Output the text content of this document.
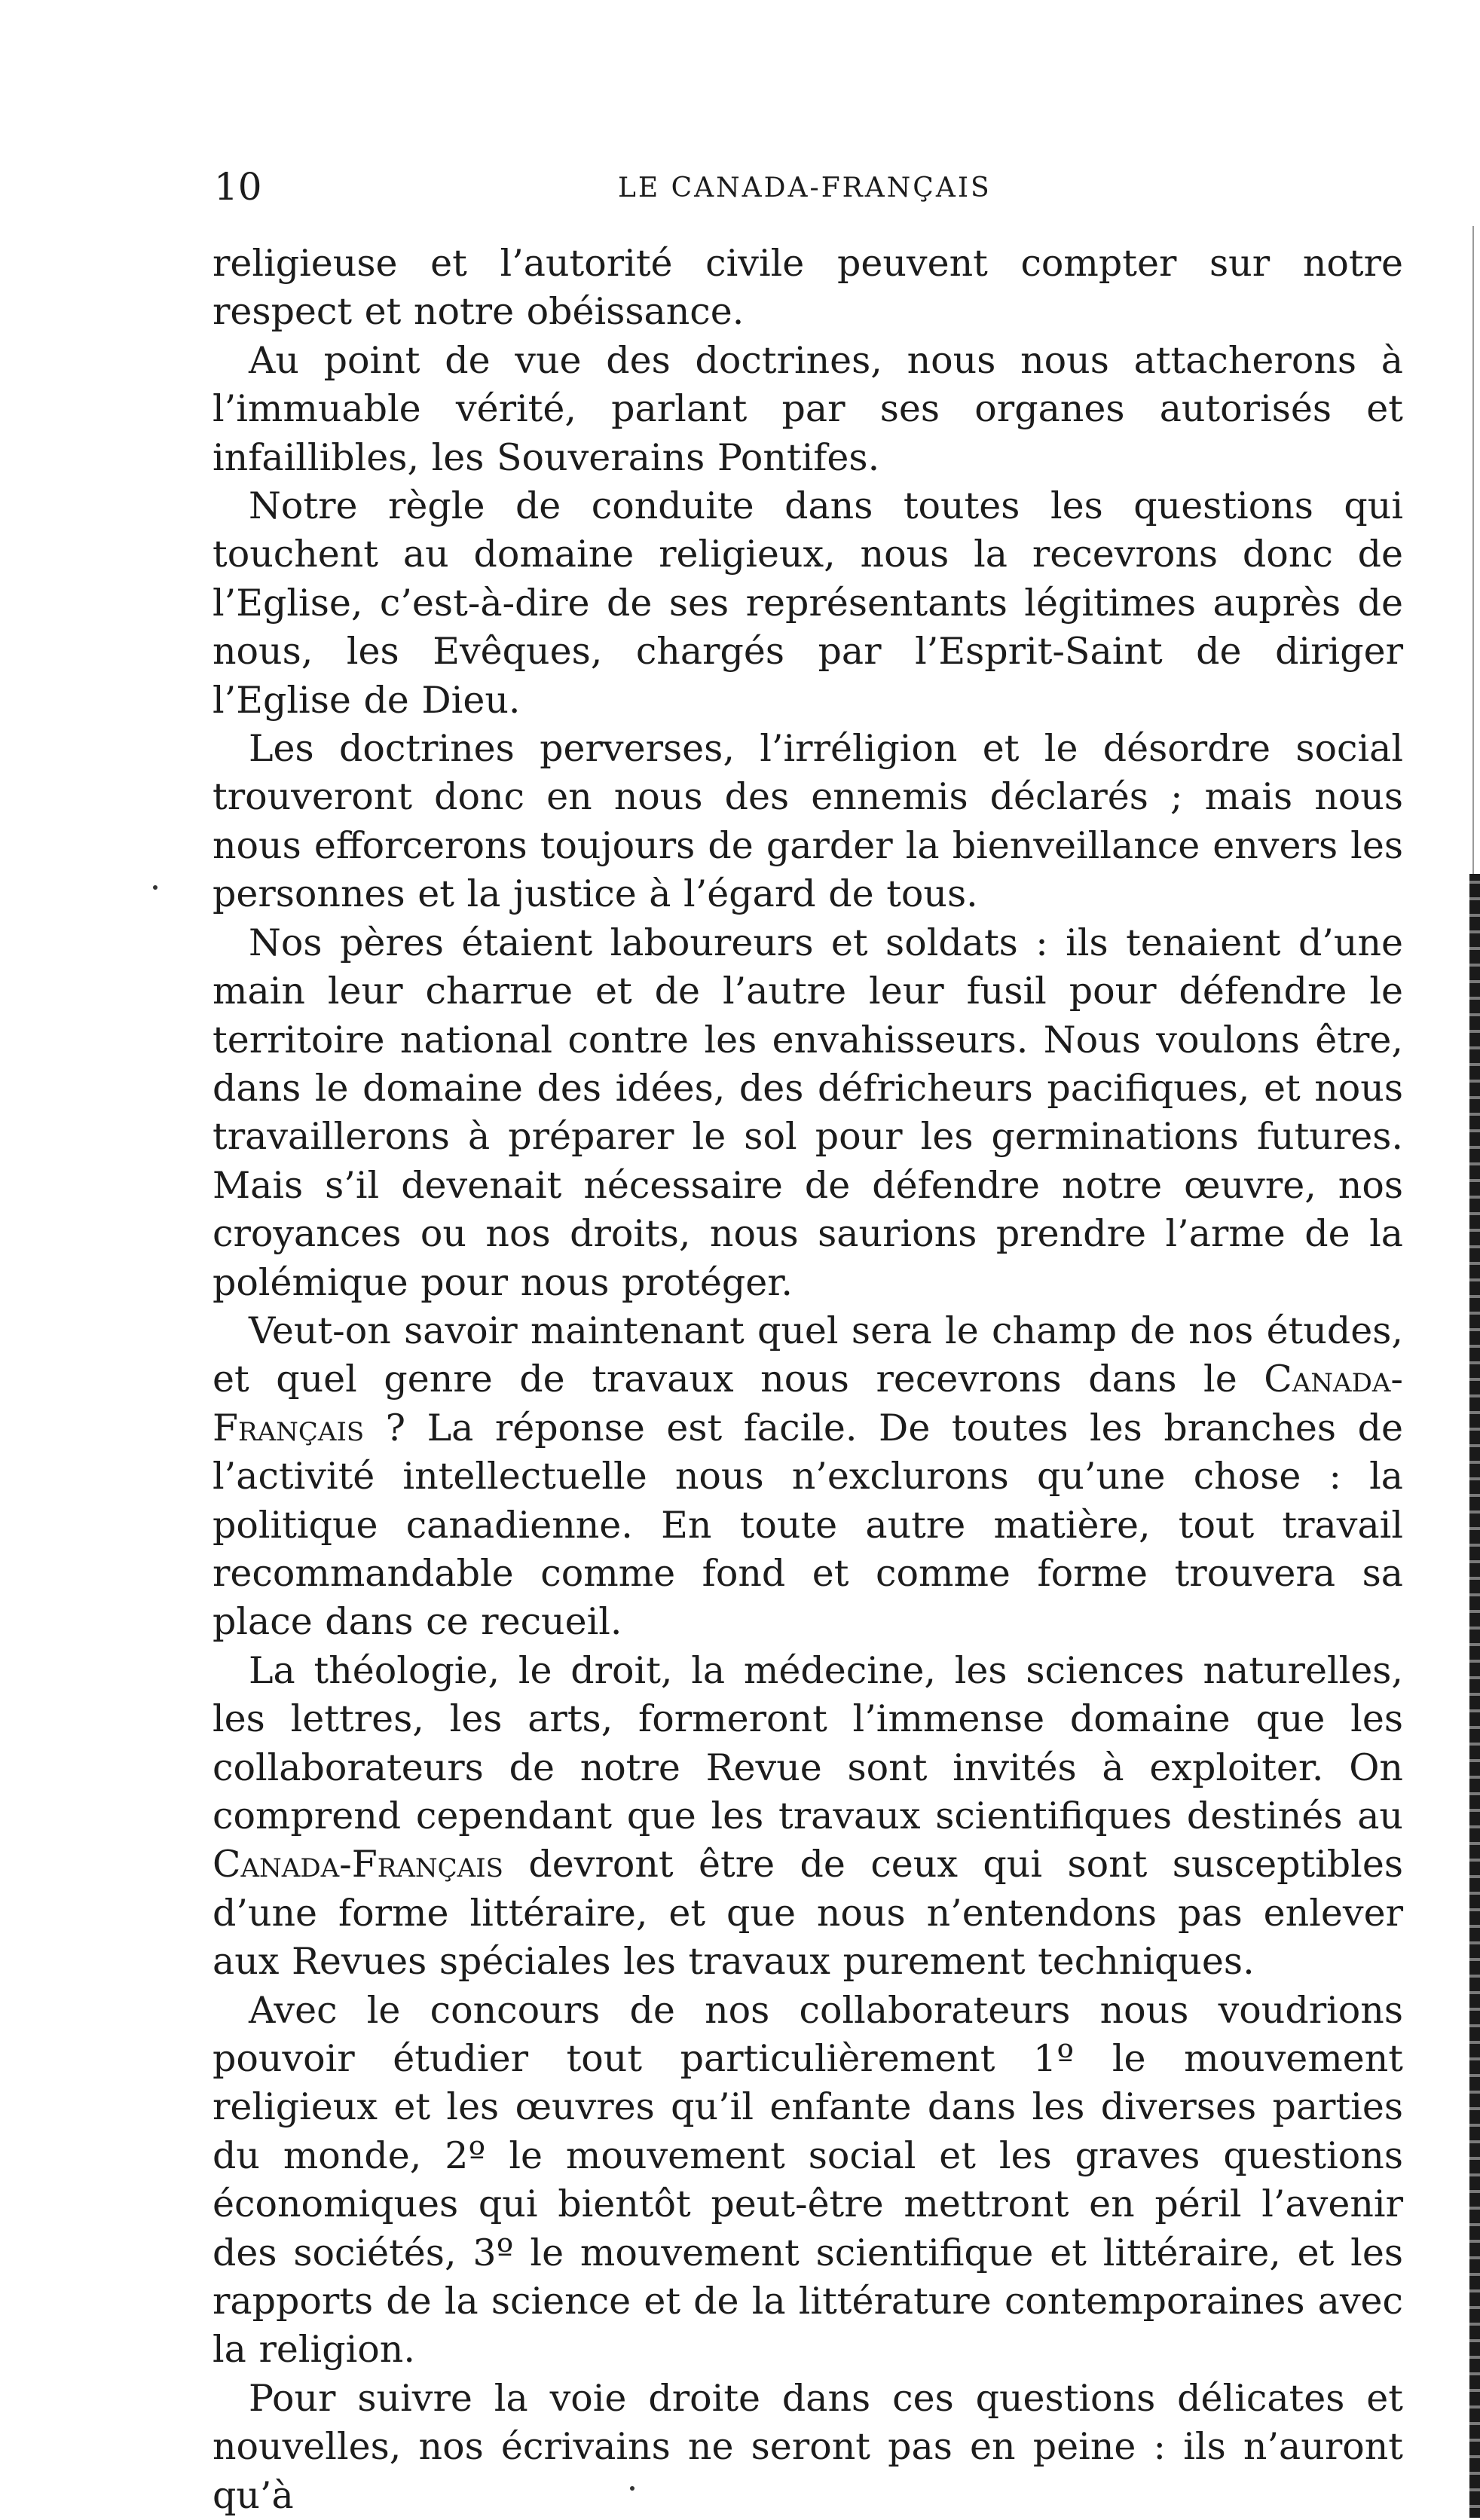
10	LE CANADA-FRANÇAIS

religieuse et l’autorité civile peuvent compter sur notre respect et notre obéissance.

Au point de vue des doctrines, nous nous attacherons à l’immuable vérité, parlant par ses organes autorisés et infaillibles, les Souverains Pontifes.

Notre règle de conduite dans toutes les questions qui touchent au domaine religieux, nous la recevrons donc de l’Eglise, c’est-à-dire de ses représentants légitimes auprès de nous, les Evêques, chargés par l’Esprit-Saint de diriger l’Eglise de Dieu.

Les doctrines perverses, l’irréligion et le désordre social trouveront donc en nous des ennemis déclarés ; mais nous nous efforcerons toujours de garder la bienveillance envers les personnes et la justice à l’égard de tous.

Nos pères étaient laboureurs et soldats : ils tenaient d’une main leur charrue et de l’autre leur fusil pour défendre le territoire national contre les envahisseurs. Nous voulons être, dans le domaine des idées, des défricheurs pacifiques, et nous travaillerons à préparer le sol pour les germinations futures. Mais s’il devenait nécessaire de défendre notre œuvre, nos croyances ou nos droits, nous saurions prendre l’arme de la polémique pour nous protéger.

Veut-on savoir maintenant quel sera le champ de nos études, et quel genre de travaux nous recevrons dans le Canada-Français ? La réponse est facile. De toutes les branches de l’activité intellectuelle nous n’exclurons qu’une chose : la politique canadienne. En toute autre matière, tout travail recommandable comme fond et comme forme trouvera sa place dans ce recueil.

La théologie, le droit, la médecine, les sciences naturelles, les lettres, les arts, formeront l’immense domaine que les collaborateurs de notre Revue sont invités à exploiter. On comprend cependant que les travaux scientifiques destinés au Canada-Français devront être de ceux qui sont susceptibles d’une forme littéraire, et que nous n’entendons pas enlever aux Revues spéciales les travaux purement techniques.

Avec le concours de nos collaborateurs nous voudrions pouvoir étudier tout particulièrement 1º le mouvement religieux et les œuvres qu’il enfante dans les diverses parties du monde, 2º le mouvement social et les graves questions économiques qui bientôt peut-être mettront en péril l’avenir des sociétés, 3º le mouvement scientifique et littéraire, et les rapports de la science et de la littérature contemporaines avec la religion.

Pour suivre la voie droite dans ces questions délicates et nouvelles, nos écrivains ne seront pas en peine : ils n’auront qu’à
